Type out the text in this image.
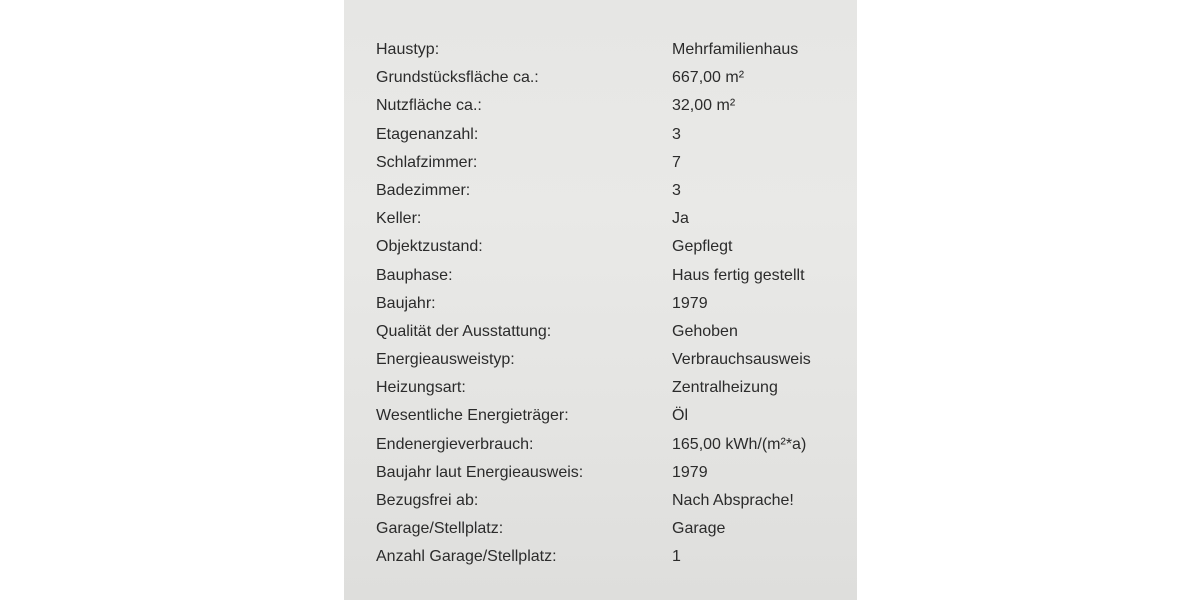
Haustyp:	Mehrfamilienhaus
Grundstücksfläche ca.:	667,00 m²
Nutzfläche ca.:	32,00 m²
Etagenanzahl:	3
Schlafzimmer:	7
Badezimmer:	3
Keller:	Ja
Objektzustand:	Gepflegt
Bauphase:	Haus fertig gestellt
Baujahr:	1979
Qualität der Ausstattung:	Gehoben
Energieausweistyp:	Verbrauchsausweis
Heizungsart:	Zentralheizung
Wesentliche Energieträger:	Öl
Endenergieverbrauch:	165,00 kWh/(m²*a)
Baujahr laut Energieausweis:	1979
Bezugsfrei ab:	Nach Absprache!
Garage/Stellplatz:	Garage
Anzahl Garage/Stellplatz:	1
